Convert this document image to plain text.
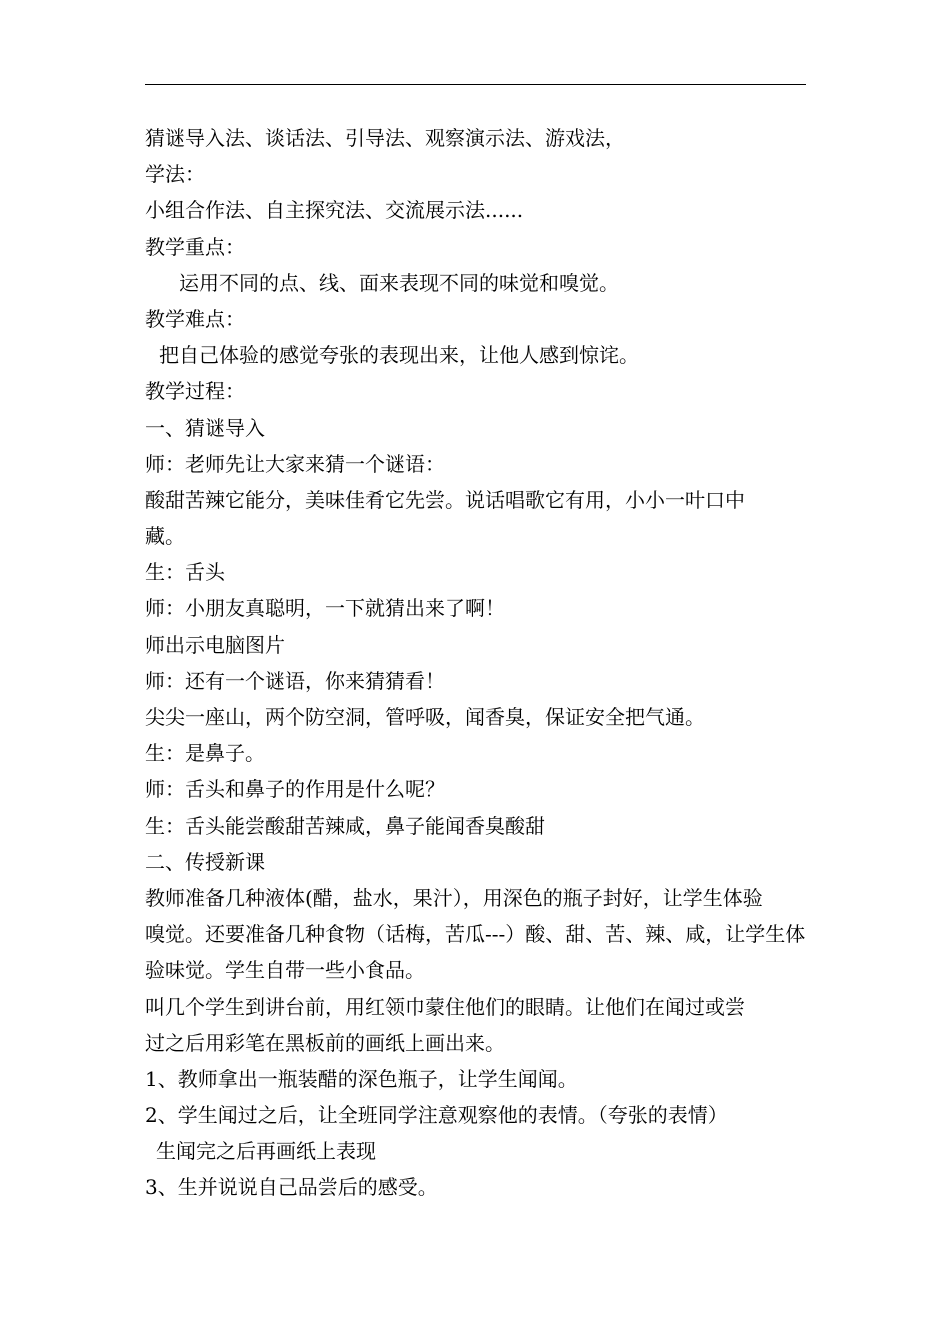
猜谜导入法、谈话法、引导法、观察演示法、游戏法，
学法：
小组合作法、自主探究法、交流展示法......
教学重点：
运用不同的点、线、面来表现不同的味觉和嗅觉。
教学难点：
把自己体验的感觉夸张的表现出来，让他人感到惊诧。
教学过程：
一、猜谜导入
师：老师先让大家来猜一个谜语：
酸甜苦辣它能分，美味佳肴它先尝。说话唱歌它有用，小小一叶口中
藏。
生：舌头
师：小朋友真聪明，一下就猜出来了啊！
师出示电脑图片
师：还有一个谜语，你来猜猜看！
尖尖一座山，两个防空洞，管呼吸，闻香臭，保证安全把气通。
生：是鼻子。
师：舌头和鼻子的作用是什么呢？
生：舌头能尝酸甜苦辣咸，鼻子能闻香臭酸甜
二、传授新课
教师准备几种液体(醋，盐水，果汁），用深色的瓶子封好，让学生体验
嗅觉。还要准备几种食物（话梅，苦瓜---）酸、甜、苦、辣、咸，让学生体
验味觉。学生自带一些小食品。
叫几个学生到讲台前，用红领巾蒙住他们的眼睛。让他们在闻过或尝
过之后用彩笔在黑板前的画纸上画出来。
1、教师拿出一瓶装醋的深色瓶子，让学生闻闻。
2、学生闻过之后，让全班同学注意观察他的表情。（夸张的表情）
生闻完之后再画纸上表现
3、生并说说自己品尝后的感受。
